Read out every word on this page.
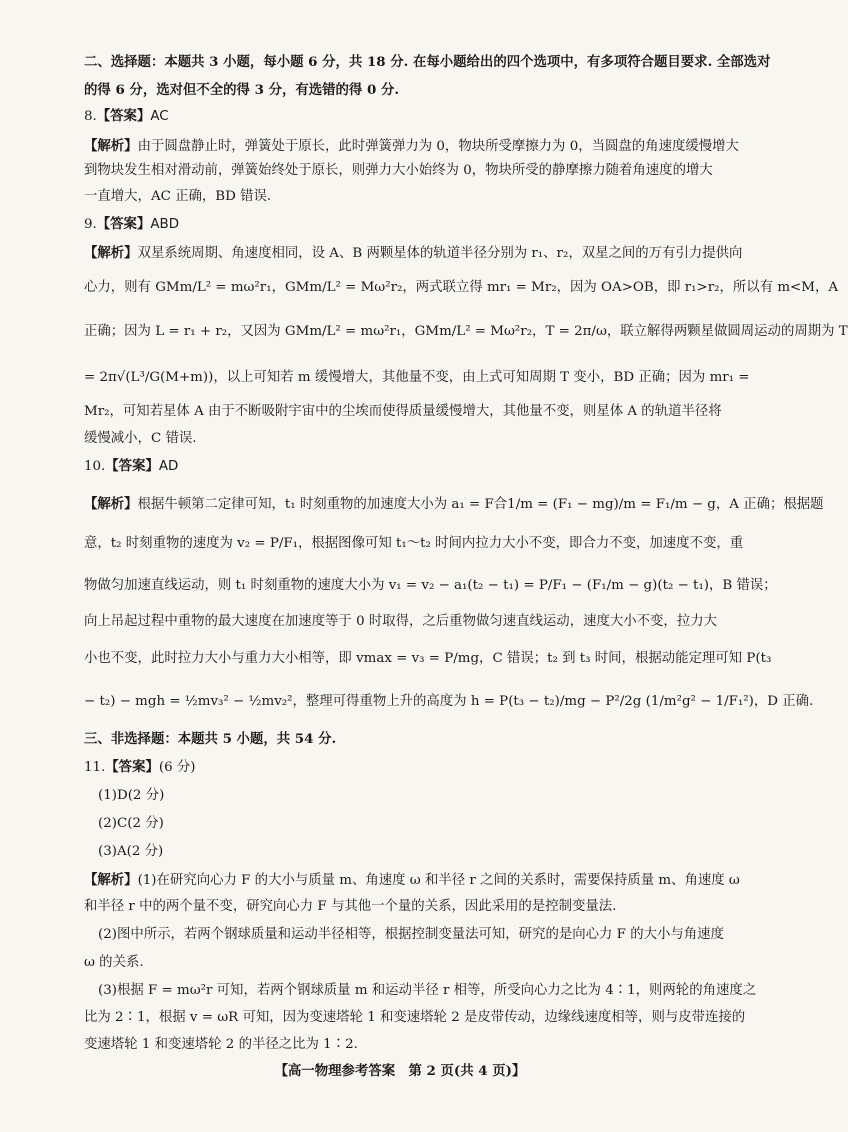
二、选择题：本题共 3 小题，每小题 6 分，共 18 分. 在每小题给出的四个选项中，有多项符合题目要求. 全部选对
的得 6 分，选对但不全的得 3 分，有选错的得 0 分.
8.【答案】AC
【解析】由于圆盘静止时，弹簧处于原长，此时弹簧弹力为 0，物块所受摩擦力为 0，当圆盘的角速度缓慢增大
到物块发生相对滑动前，弹簧始终处于原长，则弹力大小始终为 0，物块所受的静摩擦力随着角速度的增大
一直增大，AC 正确，BD 错误.
9.【答案】ABD
【解析】双星系统周期、角速度相同，设 A、B 两颗星体的轨道半径分别为 r₁、r₂，双星之间的万有引力提供向
心力，则有 GMm/L² = mω²r₁，GMm/L² = Mω²r₂，两式联立得 mr₁ = Mr₂，因为 OA>OB，即 r₁>r₂，所以有 m<M，A
正确；因为 L = r₁ + r₂，又因为 GMm/L² = mω²r₁，GMm/L² = Mω²r₂，T = 2π/ω，联立解得两颗星做圆周运动的周期为 T
= 2π√(L³/G(M+m))，以上可知若 m 缓慢增大，其他量不变，由上式可知周期 T 变小，BD 正确；因为 mr₁ =
Mr₂，可知若星体 A 由于不断吸附宇宙中的尘埃而使得质量缓慢增大，其他量不变，则星体 A 的轨道半径将
缓慢减小，C 错误.
10.【答案】AD
【解析】根据牛顿第二定律可知，t₁ 时刻重物的加速度大小为 a₁ = F合1/m = (F₁ − mg)/m = F₁/m − g，A 正确；根据题
意，t₂ 时刻重物的速度为 v₂ = P/F₁，根据图像可知 t₁～t₂ 时间内拉力大小不变，即合力不变，加速度不变，重
物做匀加速直线运动，则 t₁ 时刻重物的速度大小为 v₁ = v₂ − a₁(t₂ − t₁) = P/F₁ − (F₁/m − g)(t₂ − t₁)，B 错误；
向上吊起过程中重物的最大速度在加速度等于 0 时取得，之后重物做匀速直线运动，速度大小不变，拉力大
小也不变，此时拉力大小与重力大小相等，即 vmax = v₃ = P/mg，C 错误；t₂ 到 t₃ 时间，根据动能定理可知 P(t₃
− t₂) − mgh = ½mv₃² − ½mv₂²，整理可得重物上升的高度为 h = P(t₃ − t₂)/mg − P²/2g (1/m²g² − 1/F₁²)，D 正确.
三、非选择题：本题共 5 小题，共 54 分.
11.【答案】(6 分)
(1)D(2 分)
(2)C(2 分)
(3)A(2 分)
【解析】(1)在研究向心力 F 的大小与质量 m、角速度 ω 和半径 r 之间的关系时，需要保持质量 m、角速度 ω
和半径 r 中的两个量不变，研究向心力 F 与其他一个量的关系，因此采用的是控制变量法.
(2)图中所示，若两个钢球质量和运动半径相等，根据控制变量法可知，研究的是向心力 F 的大小与角速度
ω 的关系.
(3)根据 F = mω²r 可知，若两个钢球质量 m 和运动半径 r 相等，所受向心力之比为 4∶1，则两轮的角速度之
比为 2∶1，根据 v = ωR 可知，因为变速塔轮 1 和变速塔轮 2 是皮带传动，边缘线速度相等，则与皮带连接的
变速塔轮 1 和变速塔轮 2 的半径之比为 1∶2.
【高一物理参考答案　第 2 页(共 4 页)】
